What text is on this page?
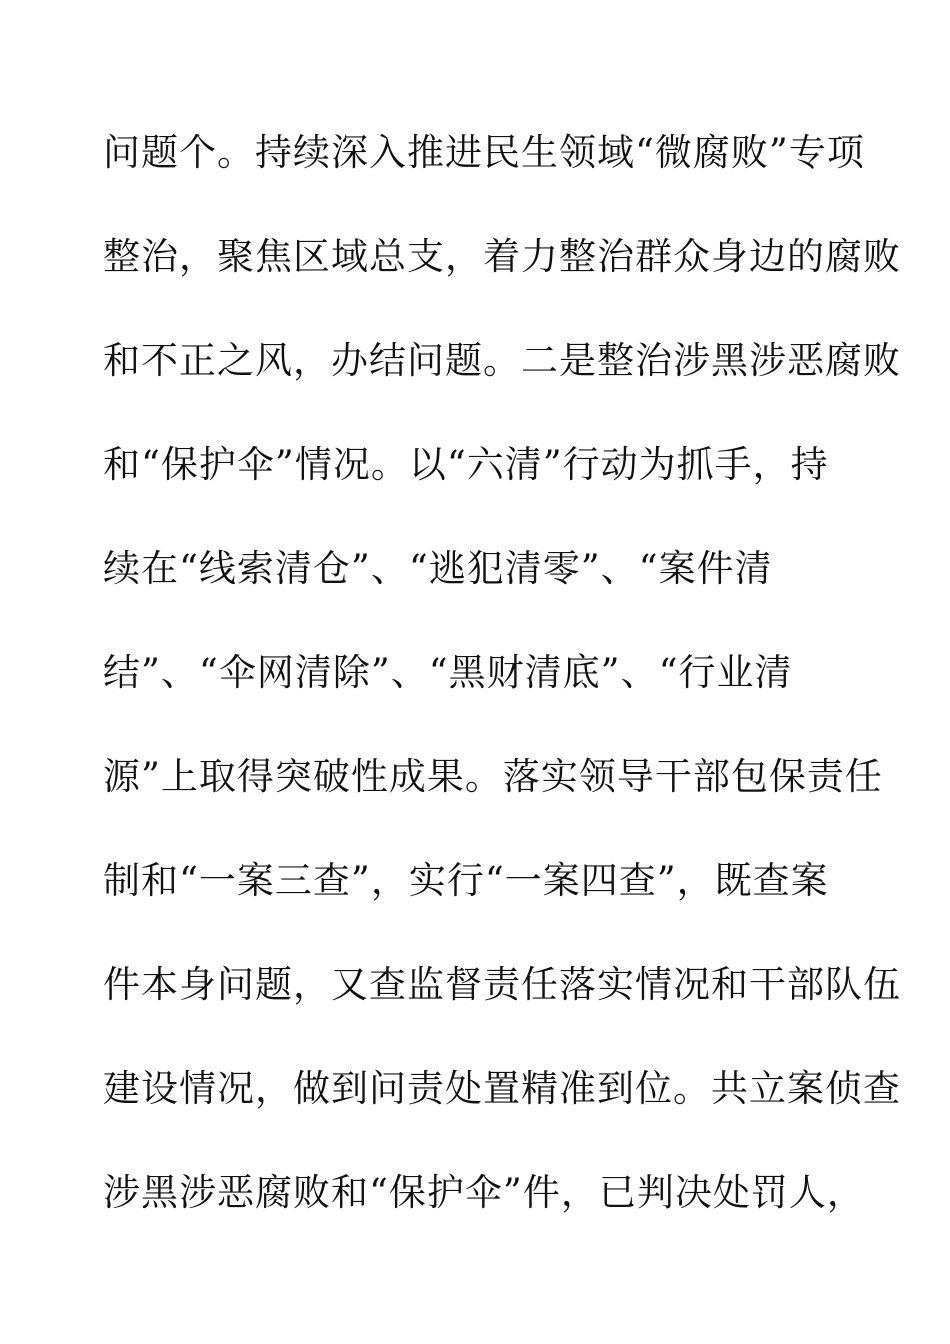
问题个。持续深入推进民生领域“微腐败”专项
整治，聚焦区域总支，着力整治群众身边的腐败
和不正之风，办结问题。二是整治涉黑涉恶腐败
和“保护伞”情况。以“六清”行动为抓手，持
续在“线索清仓”、“逃犯清零”、“案件清
结”、“伞网清除”、“黑财清底”、“行业清
源”上取得突破性成果。落实领导干部包保责任
制和“一案三查”，实行“一案四查”，既查案
件本身问题，又查监督责任落实情况和干部队伍
建设情况，做到问责处置精准到位。共立案侦查
涉黑涉恶腐败和“保护伞”件，已判决处罚人，
